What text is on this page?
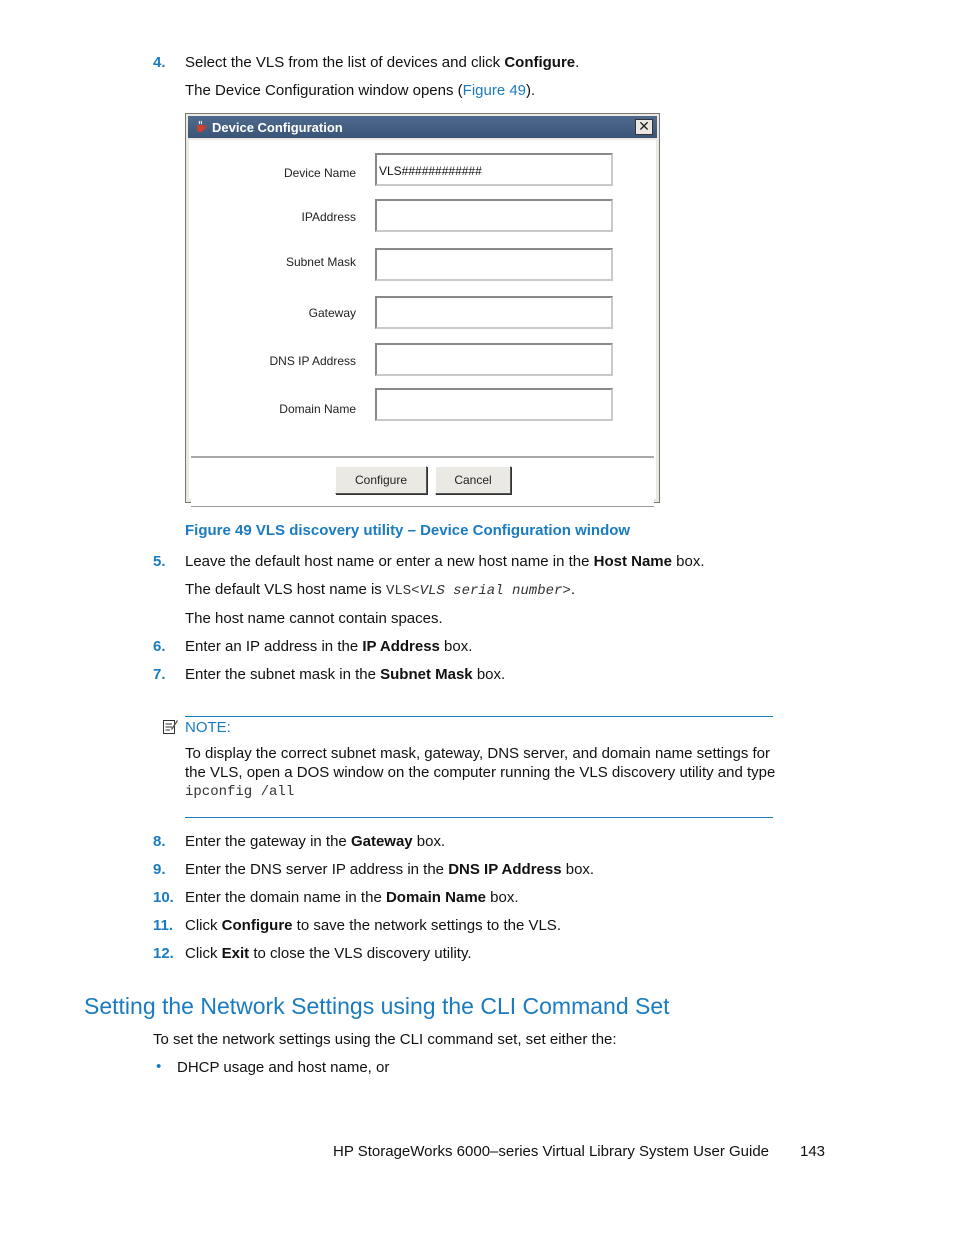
4. Select the VLS from the list of devices and click Configure.
The Device Configuration window opens (Figure 49).
Device Configuration	✕
Device Name	VLS############
IPAddress
Subnet Mask
Gateway
DNS IP Address
Domain Name
Configure	Cancel
Figure 49 VLS discovery utility – Device Configuration window
5. Leave the default host name or enter a new host name in the Host Name box.
The default VLS host name is VLS<VLS serial number>.
The host name cannot contain spaces.
6. Enter an IP address in the IP Address box.
7. Enter the subnet mask in the Subnet Mask box.
NOTE:
To display the correct subnet mask, gateway, DNS server, and domain name settings for
the VLS, open a DOS window on the computer running the VLS discovery utility and type
ipconfig /all
8. Enter the gateway in the Gateway box.
9. Enter the DNS server IP address in the DNS IP Address box.
10. Enter the domain name in the Domain Name box.
11. Click Configure to save the network settings to the VLS.
12. Click Exit to close the VLS discovery utility.
Setting the Network Settings using the CLI Command Set
To set the network settings using the CLI command set, set either the:
• DHCP usage and host name, or
HP StorageWorks 6000–series Virtual Library System User Guide 143
